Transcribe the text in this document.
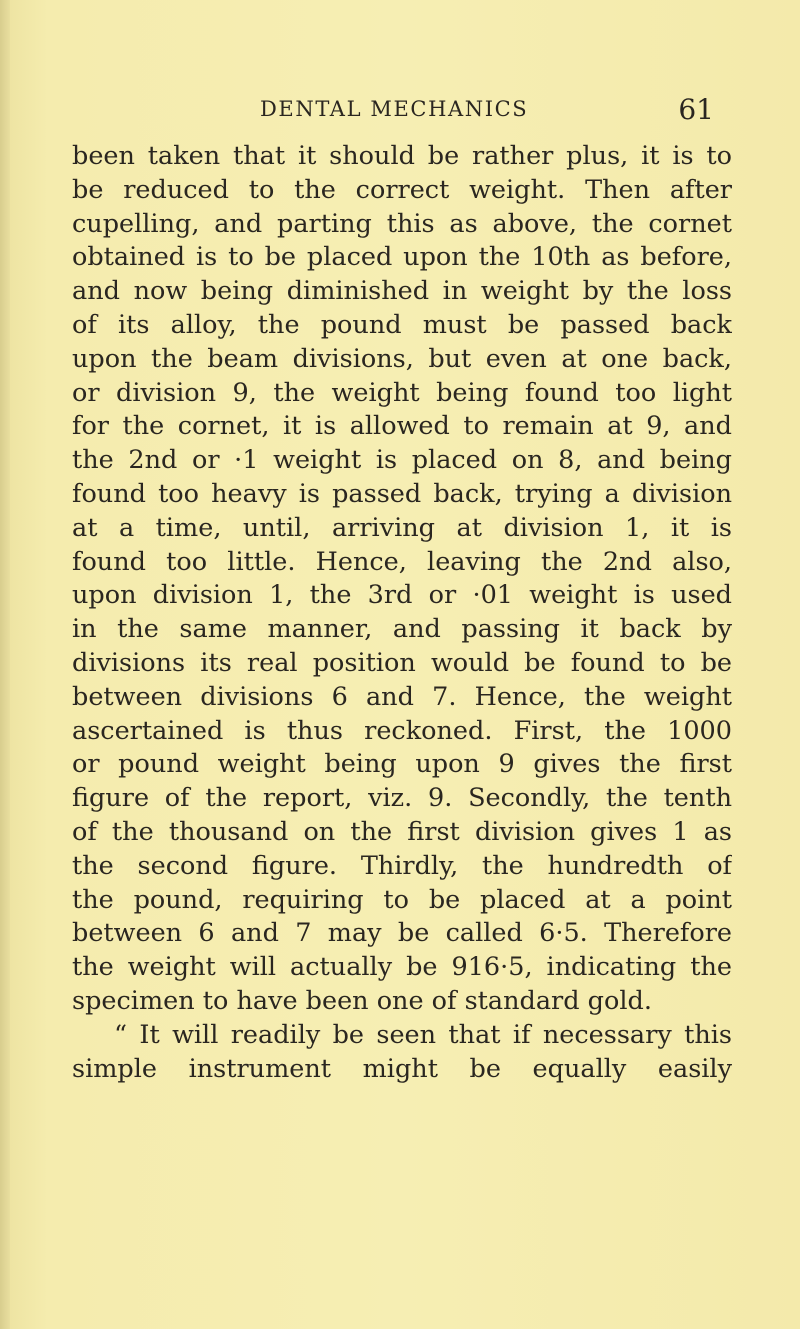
DENTAL MECHANICS	61
been taken that it should be rather plus, it is to
be reduced to the correct weight. Then after
cupelling, and parting this as above, the cornet
obtained is to be placed upon the 10th as before,
and now being diminished in weight by the loss
of its alloy, the pound must be passed back
upon the beam divisions, but even at one back,
or division 9, the weight being found too light
for the cornet, it is allowed to remain at 9, and
the 2nd or ·1 weight is placed on 8, and being
found too heavy is passed back, trying a division
at a time, until, arriving at division 1, it is
found too little. Hence, leaving the 2nd also,
upon division 1, the 3rd or ·01 weight is used
in the same manner, and passing it back by
divisions its real position would be found to be
between divisions 6 and 7. Hence, the weight
ascertained is thus reckoned. First, the 1000
or pound weight being upon 9 gives the first
figure of the report, viz. 9. Secondly, the tenth
of the thousand on the first division gives 1 as
the second figure. Thirdly, the hundredth of
the pound, requiring to be placed at a point
between 6 and 7 may be called 6·5. Therefore
the weight will actually be 916·5, indicating the
specimen to have been one of standard gold.
“ It will readily be seen that if necessary this
simple instrument might be equally easily
